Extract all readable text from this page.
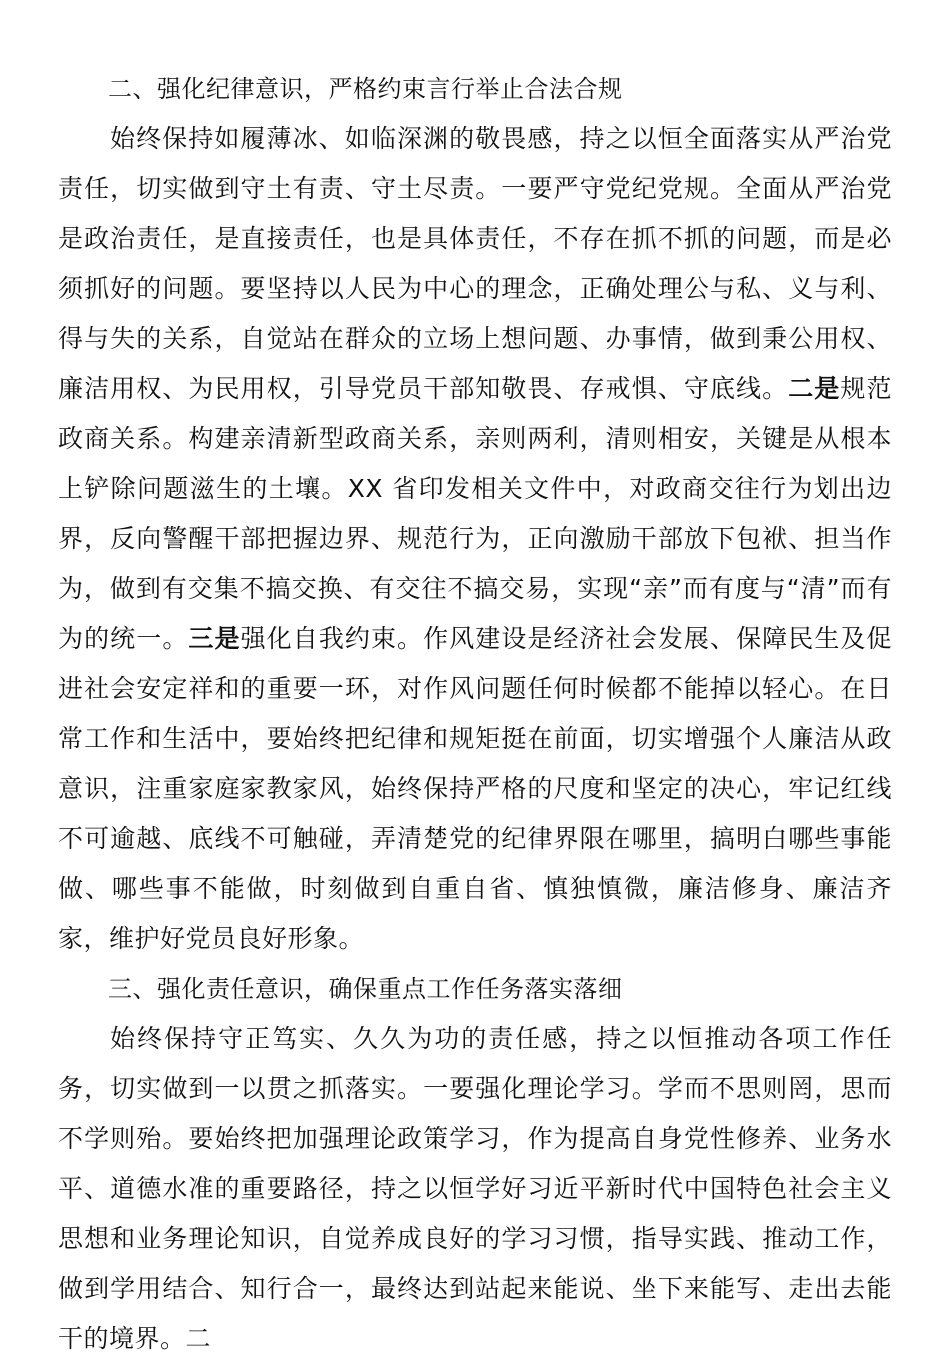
二、强化纪律意识，严格约束言行举止合法合规

始终保持如履薄冰、如临深渊的敬畏感，持之以恒全面落实从严治党责任，切实做到守土有责、守土尽责。一要严守党纪党规。全面从严治党是政治责任，是直接责任，也是具体责任，不存在抓不抓的问题，而是必须抓好的问题。要坚持以人民为中心的理念，正确处理公与私、义与利、得与失的关系，自觉站在群众的立场上想问题、办事情，做到秉公用权、廉洁用权、为民用权，引导党员干部知敬畏、存戒惧、守底线。二是规范政商关系。构建亲清新型政商关系，亲则两利，清则相安，关键是从根本上铲除问题滋生的土壤。XX 省印发相关文件中，对政商交往行为划出边界，反向警醒干部把握边界、规范行为，正向激励干部放下包袱、担当作为，做到有交集不搞交换、有交往不搞交易，实现“亲”而有度与“清”而有为的统一。三是强化自我约束。作风建设是经济社会发展、保障民生及促进社会安定祥和的重要一环，对作风问题任何时候都不能掉以轻心。在日常工作和生活中，要始终把纪律和规矩挺在前面，切实增强个人廉洁从政意识，注重家庭家教家风，始终保持严格的尺度和坚定的决心，牢记红线不可逾越、底线不可触碰，弄清楚党的纪律界限在哪里，搞明白哪些事能做、哪些事不能做，时刻做到自重自省、慎独慎微，廉洁修身、廉洁齐家，维护好党员良好形象。

三、强化责任意识，确保重点工作任务落实落细

始终保持守正笃实、久久为功的责任感，持之以恒推动各项工作任务，切实做到一以贯之抓落实。一要强化理论学习。学而不思则罔，思而不学则殆。要始终把加强理论政策学习，作为提高自身党性修养、业务水平、道德水准的重要路径，持之以恒学好习近平新时代中国特色社会主义思想和业务理论知识，自觉养成良好的学习习惯，指导实践、推动工作，做到学用结合、知行合一，最终达到站起来能说、坐下来能写、走出去能干的境界。二
